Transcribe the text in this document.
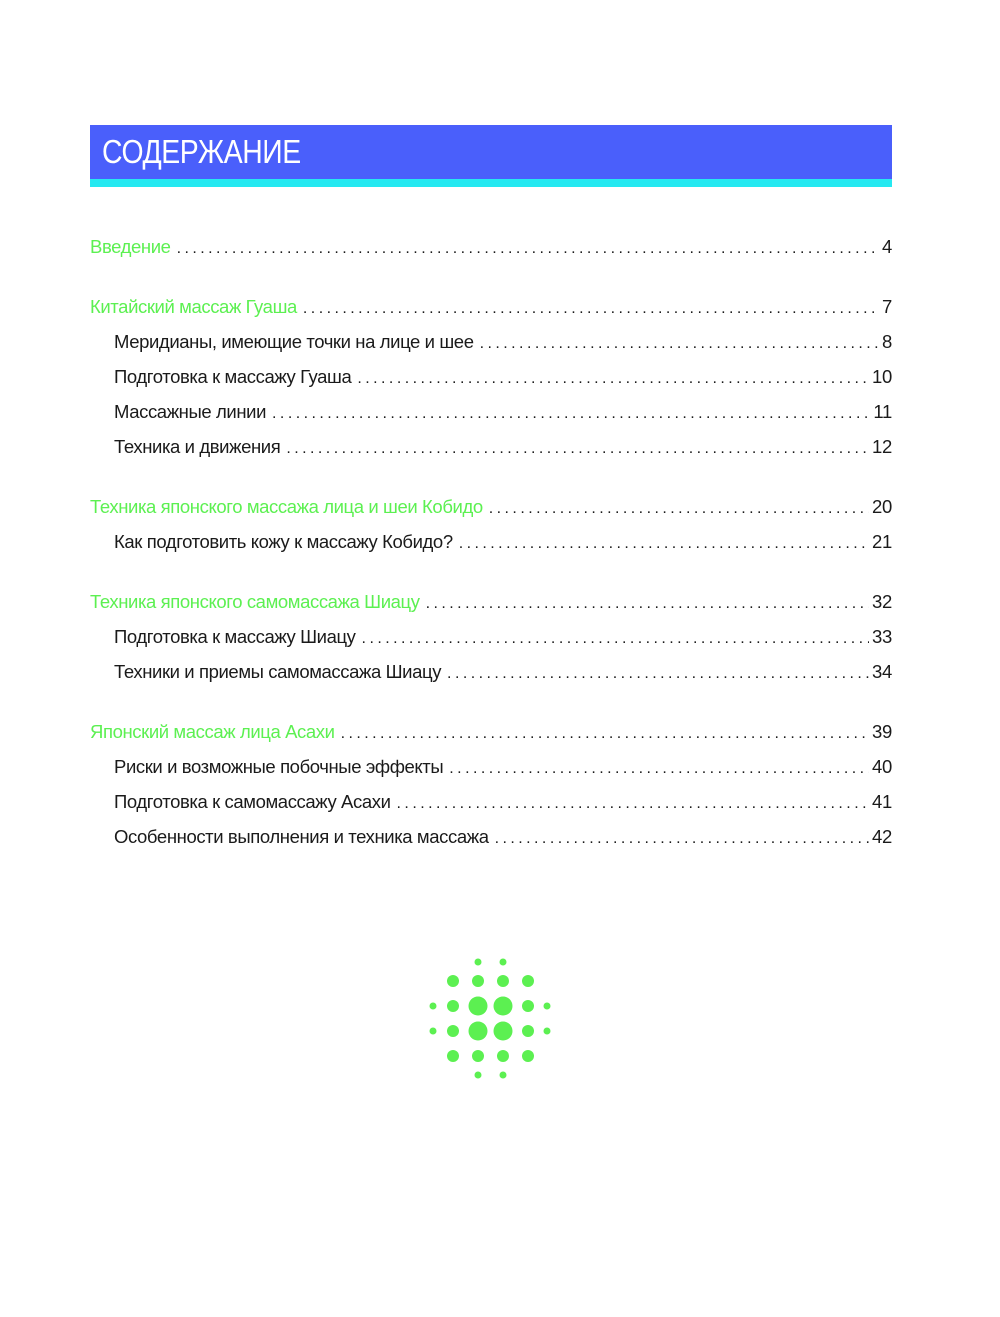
СОДЕРЖАНИЕ
Введение . . .	4
Китайский массаж Гуаша . . .	7
Меридианы, имеющие точки на лице и шее . . .	8
Подготовка к массажу Гуаша . . .	10
Массажные линии . . .	11
Техника и движения . . .	12
Техника японского массажа лица и шеи Кобидо . . .	20
Как подготовить кожу к массажу Кобидо? . . .	21
Техника японского самомассажа Шиацу . . .	32
Подготовка к массажу Шиацу . . .	33
Техники и приемы самомассажа Шиацу . . .	34
Японский массаж лица Асахи . . .	39
Риски и возможные побочные эффекты . . .	40
Подготовка к самомассажу Асахи . . .	41
Особенности выполнения и техника массажа . . .	42
